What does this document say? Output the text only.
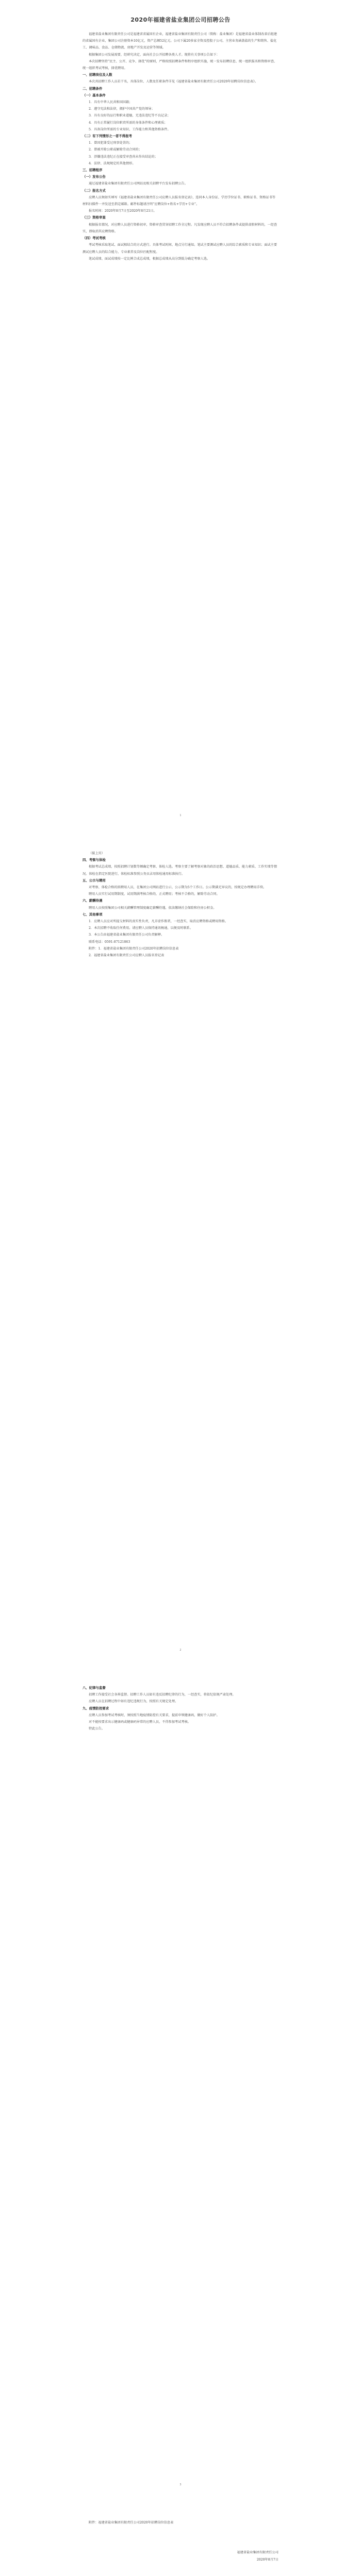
2020年福建省盐业集团公司招聘公告

福建省盐业集团有限责任公司是福建省省属国有企业，福建省盐业集团有限责任公司（简称：盐业集团）是福建省盐业体制改革后组建的省属国有企业，集团公司注册资本10亿元，资产总额52亿元。公司下属20多家全资及控股子公司，主营业务涵盖盐的生产和销售、盐化工、调味品、食品、仓储物流、房地产开发及运营等领域。

根据集团公司发展需要，经研究决定，面向社会公开招聘各类人才。现将有关事项公告如下：

本次招聘坚持“民主、公开、竞争、择优”的原则，严格按照招聘条件和程序组织实施，统一发布招聘信息、统一组织报名和资格审查、统一组织考试考核，择优聘用。

一、招聘岗位及人数

本次共招聘工作人员若干名，具体岗位、人数及任职条件详见《福建省盐业集团有限责任公司2020年招聘岗位信息表》。

二、招聘条件

（一）基本条件

1．具有中华人民共和国国籍；

2．遵守宪法和法律，拥护中国共产党的领导；

3．具有良好的品行和职业道德，无违法违纪等不良记录；

4．具有正常履行岗位职责所需的身体条件和心理素质；

5．具备岗位所需的专业知识、工作能力和其他资格条件。

（二）有下列情形之一者不得报考

1．曾因犯罪受过刑事处罚的；

2．曾被开除公职或解除劳动合同的；

3．涉嫌违法违纪正在接受审查尚未作出结论的；

4．法律、法规规定的其他情形。

三、招聘程序

（一）发布公告

通过福建省盐业集团有限责任公司网站及相关招聘平台发布招聘公告。

（二）报名方式

应聘人员须如实填写《福建省盐业集团有限责任公司应聘人员报名登记表》，连同本人身份证、学历学位证书、职称证书、资格证书等材料扫描件一并发送至指定邮箱。邮件标题请注明“应聘岗位+姓名+学历+专业”。

报名时间：2020年8月7日至2020年8月21日。

（三）资格审查

根据报名情况，对应聘人员进行资格初审，资格审查贯穿招聘工作全过程。凡发现应聘人员不符合招聘条件或提供虚假材料的，一经查实，即取消其应聘资格。

（四）考试考核

考试考核采取笔试、面试相结合的方式进行。具体考试时间、地点另行通知。笔试主要测试应聘人员的综合素质和专业知识；面试主要测试应聘人员的综合能力、专业素养及岗位匹配程度。

笔试成绩、面试成绩按一定比例合成总成绩，根据总成绩从高分到低分确定考察人选。

1

（接上页）

四、考察与体检

根据考试总成绩，按照招聘计划数等额确定考察、体检人选。考察主要了解考察对象的政治思想、道德品质、能力素质、工作实绩等情况。体检在指定医院进行，体检标准参照公务员录用体检通用标准执行。

五、公示与聘用

对考察、体检合格的拟聘用人员，在集团公司网站进行公示，公示期为5个工作日。公示期满无异议的，按规定办理聘用手续。

聘用人员实行试用期制度，试用期满考核合格的，正式聘用；考核不合格的，解除劳动合同。

六、薪酬待遇

聘用人员按照集团公司相关薪酬管理制度确定薪酬待遇，依法缴纳社会保险和住房公积金。

七、其他事项

1．应聘人员应对所提交材料的真实性负责，凡弄虚作假者，一经查实，取消应聘资格或聘用资格。

2．本次招聘不收取任何费用。请应聘人员保持通讯畅通，以便及时联系。

3．本公告由福建省盐业集团有限责任公司负责解释。

联系电话：0591-87121863

附件：1．福建省盐业集团有限责任公司2020年招聘岗位信息表

2．福建省盐业集团有限责任公司应聘人员报名登记表

2

八、纪律与监督

招聘工作接受社会各界监督。招聘工作人员如有违反招聘纪律的行为，一经查实，将依纪依规严肃处理。

应聘人员在招聘过程中如有违纪违规行为，按照有关规定处理。

九、疫情防控要求

应聘人员参加考试考核时，须按照当地疫情防控有关要求，提前申领健康码，做好个人防护。

对不能按要求出示健康码或健康码异常的应聘人员，不得参加考试考核。

特此公告。

3

附件：福建省盐业集团有限责任公司2020年招聘岗位信息表

福建省盐业集团有限责任公司

2020年8月7日
